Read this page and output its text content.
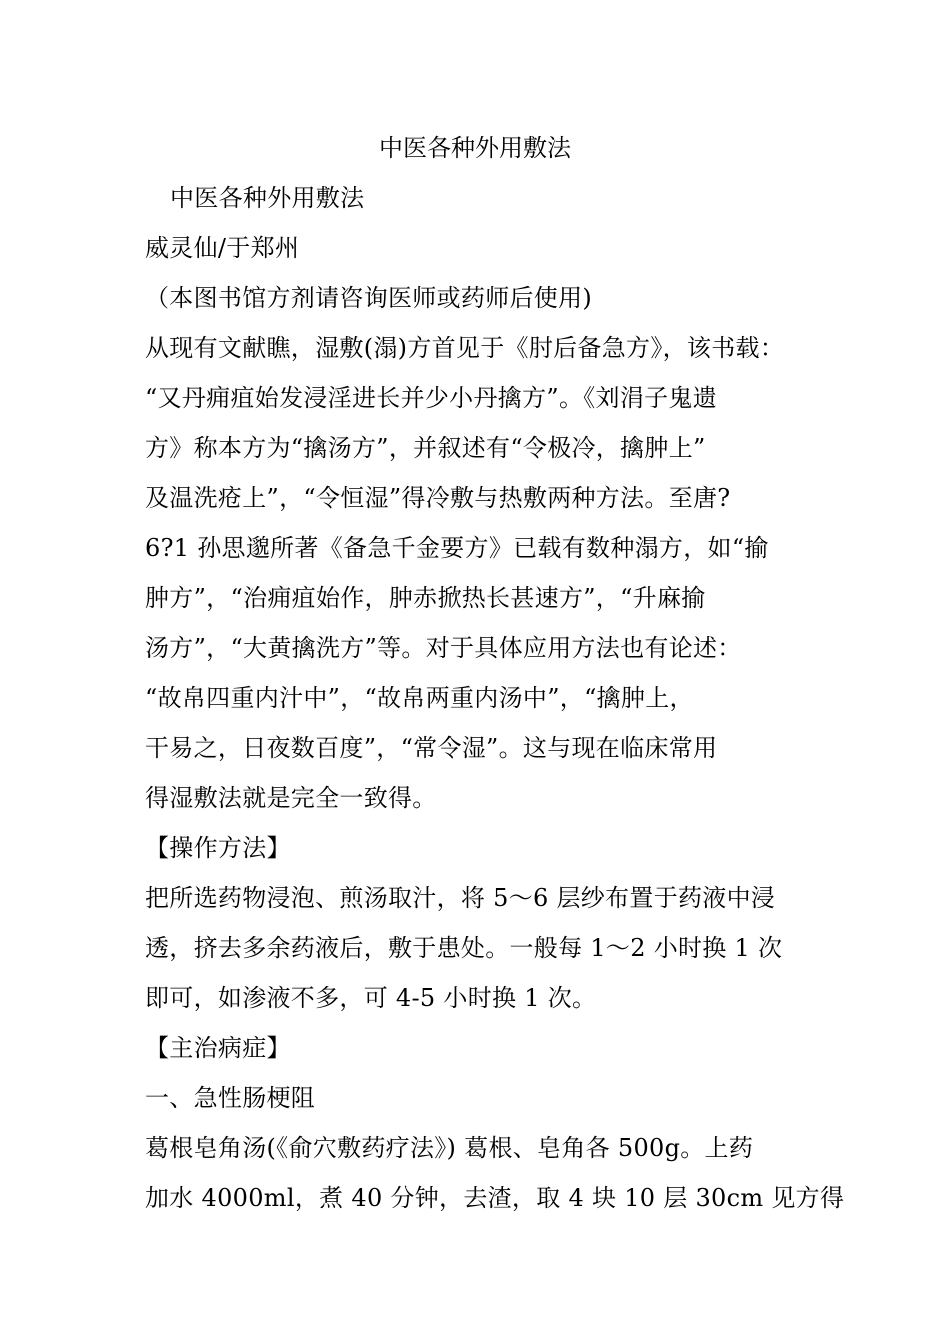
中医各种外用敷法
中医各种外用敷法
威灵仙/于郑州
（本图书馆方剂请咨询医师或药师后使用)
从现有文献瞧，湿敷(溻)方首见于《肘后备急方》，该书载：
“又丹痈疽始发浸淫进长并少小丹擒方”。《刘涓子鬼遗
方》称本方为“擒汤方”，并叙述有“令极冷，擒肿上”
及温洗疮上”，“令恒湿”得冷敷与热敷两种方法。至唐?
6?1 孙思邈所著《备急千金要方》已载有数种溻方，如“揄
肿方”，“治痈疽始作，肿赤掀热长甚速方”，“升麻揄
汤方”，“大黄擒洗方”等。对于具体应用方法也有论述：
“故帛四重内汁中”，“故帛两重内汤中”，“擒肿上，
干易之，日夜数百度”，“常令湿”。这与现在临床常用
得湿敷法就是完全一致得。
【操作方法】
把所选药物浸泡、煎汤取汁，将 5～6 层纱布置于药液中浸
透，挤去多余药液后，敷于患处。一般每 1～2 小时换 1 次
即可，如渗液不多，可 4-5 小时换 1 次。
【主治病症】
一、急性肠梗阻
葛根皂角汤(《俞穴敷药疗法》) 葛根、皂角各 500g。上药
加水 4000ml，煮 40 分钟，去渣，取 4 块 10 层 30cm 见方得
